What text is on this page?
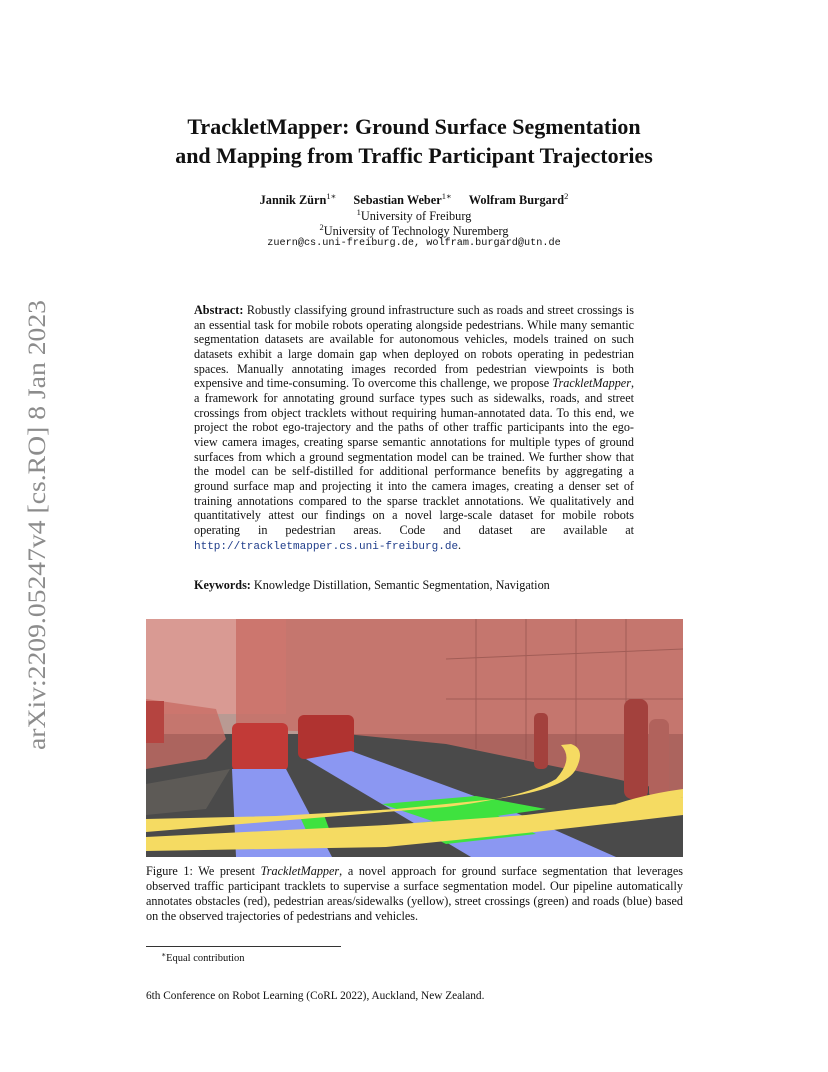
arXiv:2209.05247v4 [cs.RO] 8 Jan 2023
TrackletMapper: Ground Surface Segmentation
and Mapping from Traffic Participant Trajectories
Jannik Zürn$^{1∗}$ Sebastian Weber$^{1∗}$ Wolfram Burgard$^2$
$^1$University of Freiburg
$^2$University of Technology Nuremberg
zuern@cs.uni-freiburg.de, wolfram.burgard@utn.de
Abstract: Robustly classifying ground infrastructure such as roads and street crossings is an essential task for mobile robots operating alongside pedestrians. While many semantic segmentation datasets are available for autonomous vehicles, models trained on such datasets exhibit a large domain gap when deployed on robots operating in pedestrian spaces. Manually annotating images recorded from pedestrian viewpoints is both expensive and time-consuming. To overcome this challenge, we propose TrackletMapper, a framework for annotating ground surface types such as sidewalks, roads, and street crossings from object tracklets without requiring human-annotated data. To this end, we project the robot ego-trajectory and the paths of other traffic participants into the ego-view camera images, creating sparse semantic annotations for multiple types of ground surfaces from which a ground segmentation model can be trained. We further show that the model can be self-distilled for additional performance benefits by aggregating a ground surface map and projecting it into the camera images, creating a denser set of training annotations compared to the sparse tracklet annotations. We qualitatively and quantitatively attest our findings on a novel large-scale dataset for mobile robots operating in pedestrian areas. Code and dataset are available at http://trackletmapper.cs.uni-freiburg.de.
Keywords: Knowledge Distillation, Semantic Segmentation, Navigation
Figure 1: We present TrackletMapper, a novel approach for ground surface segmentation that leverages observed traffic participant tracklets to supervise a surface segmentation model. Our pipeline automatically annotates obstacles (red), pedestrian areas/sidewalks (yellow), street crossings (green) and roads (blue) based on the observed trajectories of pedestrians and vehicles.
∗Equal contribution
6th Conference on Robot Learning (CoRL 2022), Auckland, New Zealand.
